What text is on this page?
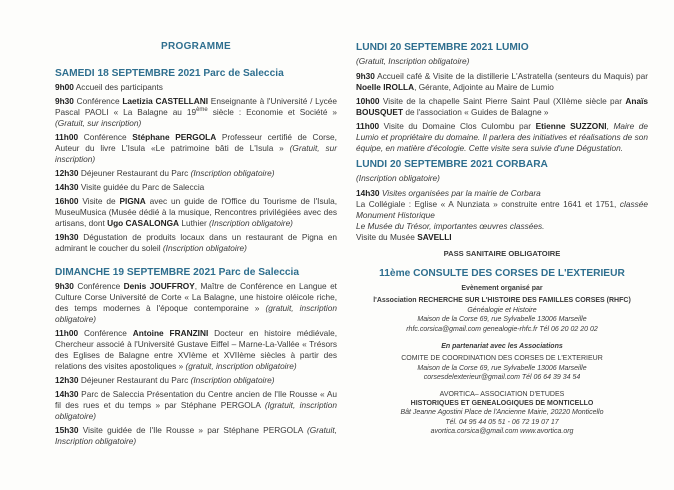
PROGRAMME
SAMEDI 18 SEPTEMBRE 2021 Parc de Saleccia
9h00 Accueil des participants
9h30 Conférence Laetizia CASTELLANI Enseignante à l'Université / Lycée Pascal PAOLI « La Balagne au 19ème siècle : Economie et Société » (Gratuit, sur inscription)
11h00 Conférence Stéphane PERGOLA Professeur certifié de Corse, Auteur du livre L'Isula «Le patrimoine bâti de L'Isula » (Gratuit, sur inscription)
12h30 Déjeuner Restaurant du Parc (Inscription obligatoire)
14h30 Visite guidée du Parc de Saleccia
16h00 Visite de PIGNA avec un guide de l'Office du Tourisme de l'Isula, MuseuMusica (Musée dédié à la musique, Rencontres privilégiées avec des artisans, dont Ugo CASALONGA Luthier (Inscription obligatoire)
19h30 Dégustation de produits locaux dans un restaurant de Pigna en admirant le coucher du soleil (Inscription obligatoire)
DIMANCHE 19 SEPTEMBRE 2021 Parc de Saleccia
9h30 Conférence Denis JOUFFROY, Maître de Conférence en Langue et Culture Corse Université de Corte « La Balagne, une histoire oléicole riche, des temps modernes à l'époque contemporaine » (gratuit, inscription obligatoire)
11h00 Conférence Antoine FRANZINI Docteur en histoire médiévale, Chercheur associé à l'Université Gustave Eiffel – Marne-La-Vallée « Trésors des Eglises de Balagne entre XVIème et XVIIème siècles à partir des relations des visites apostoliques » (gratuit, inscription obligatoire)
12h30 Déjeuner Restaurant du Parc (Inscription obligatoire)
14h30 Parc de Saleccia Présentation du Centre ancien de l'Ile Rousse « Au fil des rues et du temps » par Stéphane PERGOLA (Igratuit, inscription obligatoire)
15h30 Visite guidée de l'Ile Rousse » par Stéphane PERGOLA (Gratuit, Inscription obligatoire)
LUNDI 20 SEPTEMBRE 2021 LUMIO
(Gratuit, Inscription obligatoire)
9h30 Accueil café & Visite de la distillerie L'Astratella (senteurs du Maquis) par Noelle IROLLA, Gérante, Adjointe au Maire de Lumio
10h00 Visite de la chapelle Saint Pierre Saint Paul (XIIème siècle par Anaïs BOUSQUET de l'association « Guides de Balagne »
11h00 Visite du Domaine Clos Culombu par Etienne SUZZONI, Maire de Lumio et propriétaire du domaine. Il parlera des initiatives et réalisations de son équipe, en matière d'écologie. Cette visite sera suivie d'une Dégustation.
LUNDI 20 SEPTEMBRE 2021 CORBARA
(Inscription obligatoire)
14h30 Visites organisées par la mairie de Corbara
La Collégiale : Eglise « A Nunziata » construite entre 1641 et 1751, classée Monument Historique
Le Musée du Trésor, importantes œuvres classées.
Visite du Musée SAVELLI
PASS SANITAIRE OBLIGATOIRE
11ème CONSULTE DES CORSES DE L'EXTERIEUR
Evènement organisé par
l'Association RECHERCHE SUR L'HISTOIRE DES FAMILLES CORSES (RHFC)
Généalogie et Histoire
Maison de la Corse 69, rue Sylvabelle 13006 Marseille
rhfc.corsica@gmail.com genealogie-rhfc.fr Tél 06 20 02 20 02
En partenariat avec les Associations
COMITE DE COORDINATION DES CORSES DE L'EXTERIEUR
Maison de la Corse 69, rue Sylvabelle 13006 Marseille
corsesdelexterieur@gmail.com Tél 06 64 39 34 54
AVORTICA– ASSOCIATION D'ETUDES
HISTORIQUES ET GENEALOGIQUES DE MONTICELLO
Bât Jeanne Agostini Place de l'Ancienne Mairie, 20220 Monticello
Tél. 04 95 44 05 51 - 06 72 19 07 17
avortica.corsica@gmail.com www.avortica.org
